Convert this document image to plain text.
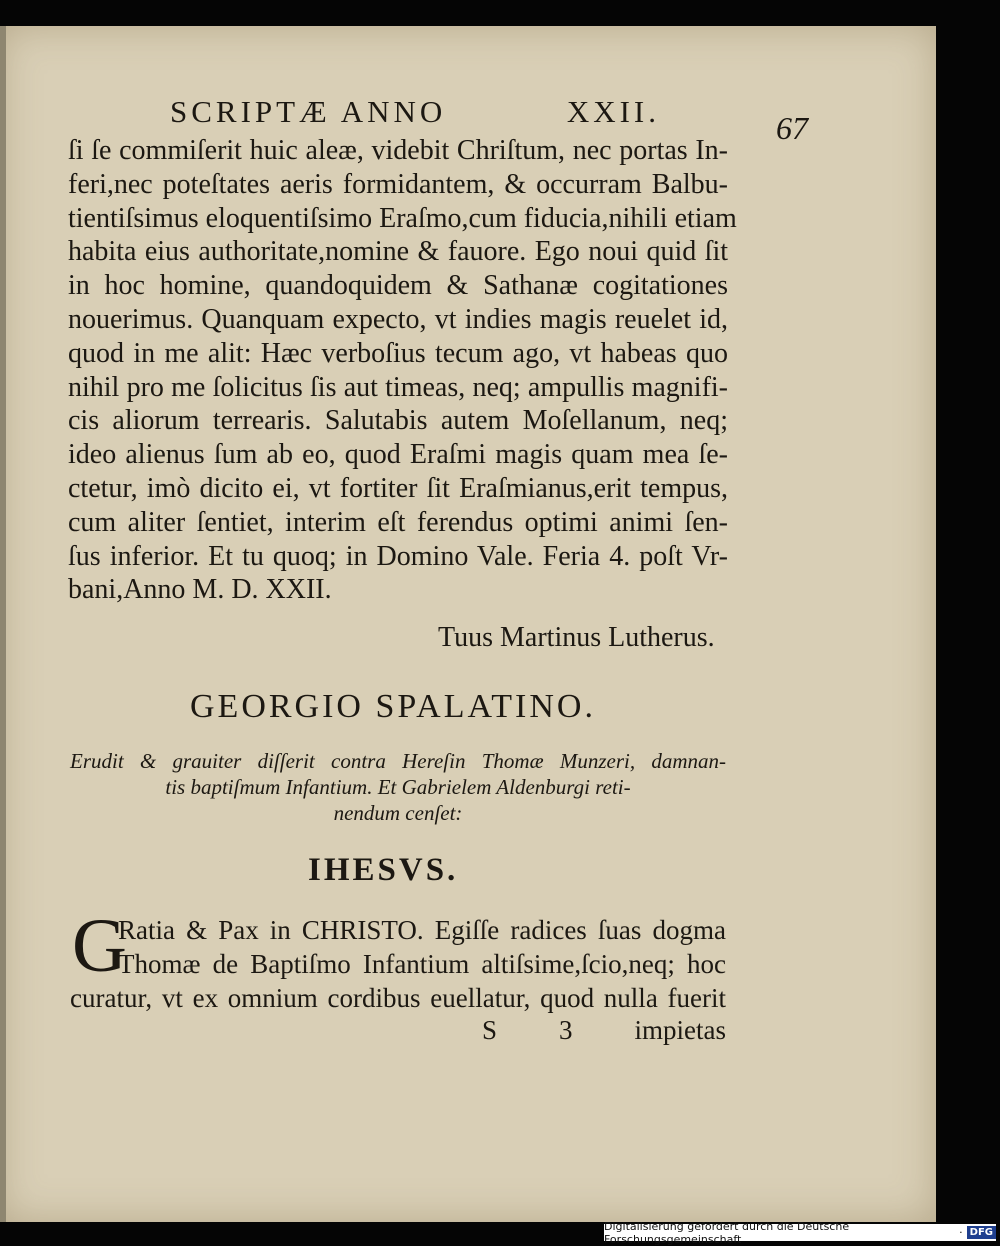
SCRIPTÆ ANNO	XXII.	67
ſi ſe commiſerit huic aleæ, videbit Chriſtum, nec portas In-
feri,nec poteſtates aeris formidantem, & occurram Balbu-
tientiſsimus eloquentiſsimo Eraſmo,cum fiducia,nihili etiam
habita eius authoritate,nomine & fauore. Ego noui quid ſit
in hoc homine, quandoquidem & Sathanæ cogitationes
nouerimus. Quanquam expecto, vt indies magis reuelet id,
quod in me alit: Hæc verboſius tecum ago, vt habeas quo
nihil pro me ſolicitus ſis aut timeas, neq; ampullis magnifi-
cis aliorum terrearis. Salutabis autem Moſellanum, neq;
ideo alienus ſum ab eo, quod Eraſmi magis quam mea ſe-
ctetur, imò dicito ei, vt fortiter ſit Eraſmianus,erit tempus,
cum aliter ſentiet, interim eſt ferendus optimi animi ſen-
ſus inferior. Et tu quoq; in Domino Vale. Feria 4. poſt Vr-
bani,Anno M. D. XXII.
Tuus Martinus Lutherus.
GEORGIO SPALATINO.
Erudit & grauiter diſſerit contra Hereſin Thomæ Munzeri, damnan-
tis baptiſmum Infantium. Et Gabrielem Aldenburgi reti-
nendum cenſet:
IHESVS.
G
Ratia & Pax in CHRISTO. Egiſſe radices ſuas dogma
Thomæ de Baptiſmo Infantium altiſsime,ſcio,neq; hoc
curatur, vt ex omnium cordibus euellatur, quod nulla fuerit
S 3 impietas
Digitalisierung gefördert durch die Deutsche Forschungsgemeinschaft	· DFG
